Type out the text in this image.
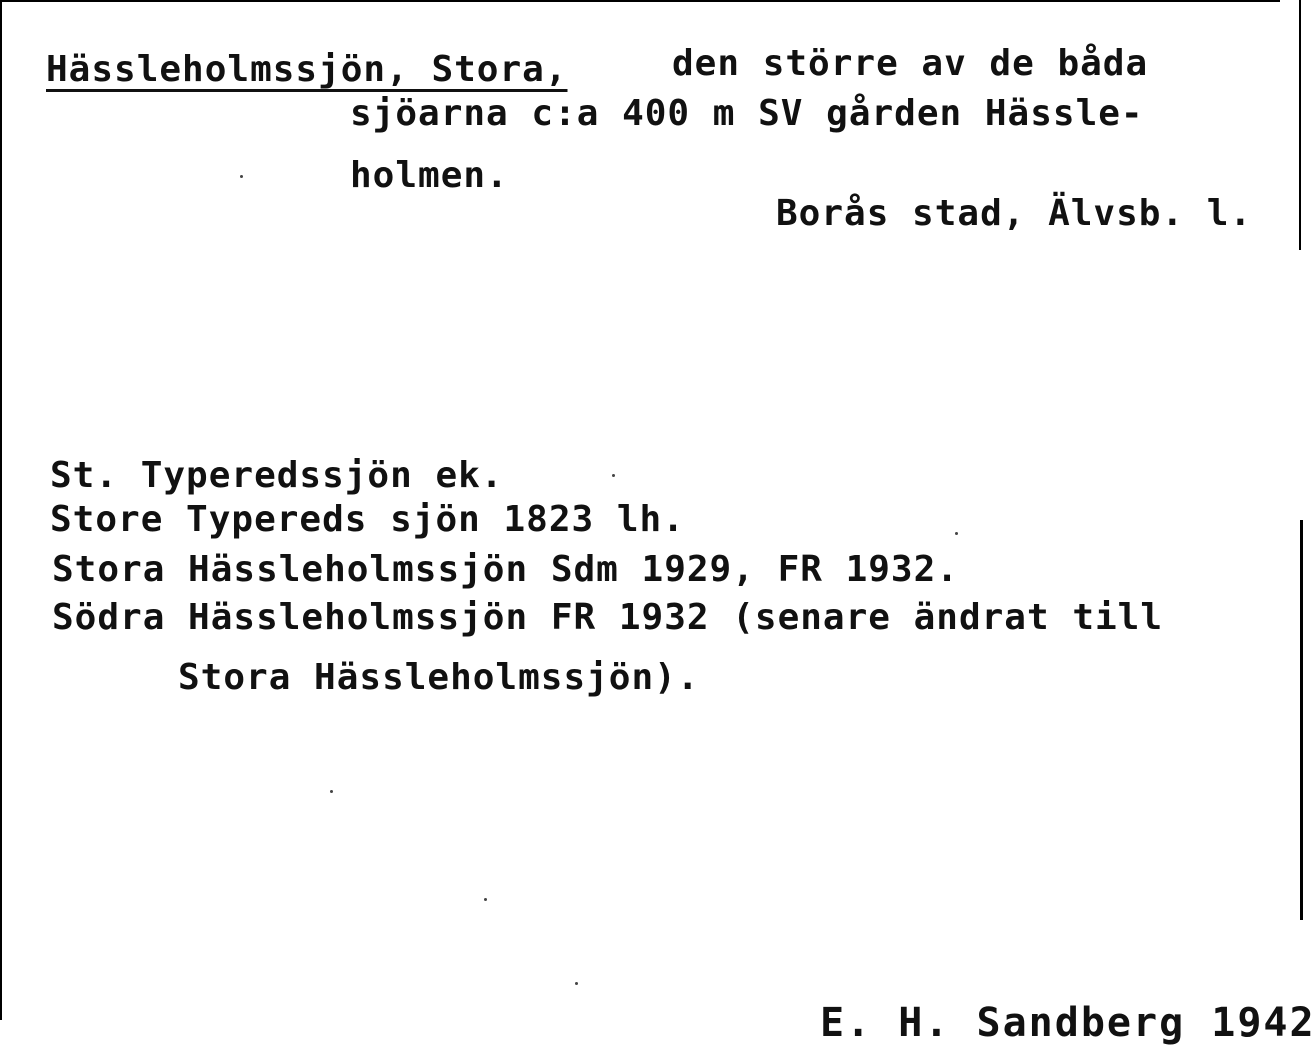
Hässleholmssjön, Stora,	den större av de båda
sjöarna c:a 400 m SV gården Hässle-
holmen.
Borås stad, Älvsb. l.
St. Typeredssjön ek.
Store Typereds sjön 1823 lh.
Stora Hässleholmssjön Sdm 1929, FR 1932.
Södra Hässleholmssjön FR 1932 (senare ändrat till
Stora Hässleholmssjön).
E. H. Sandberg 1942
